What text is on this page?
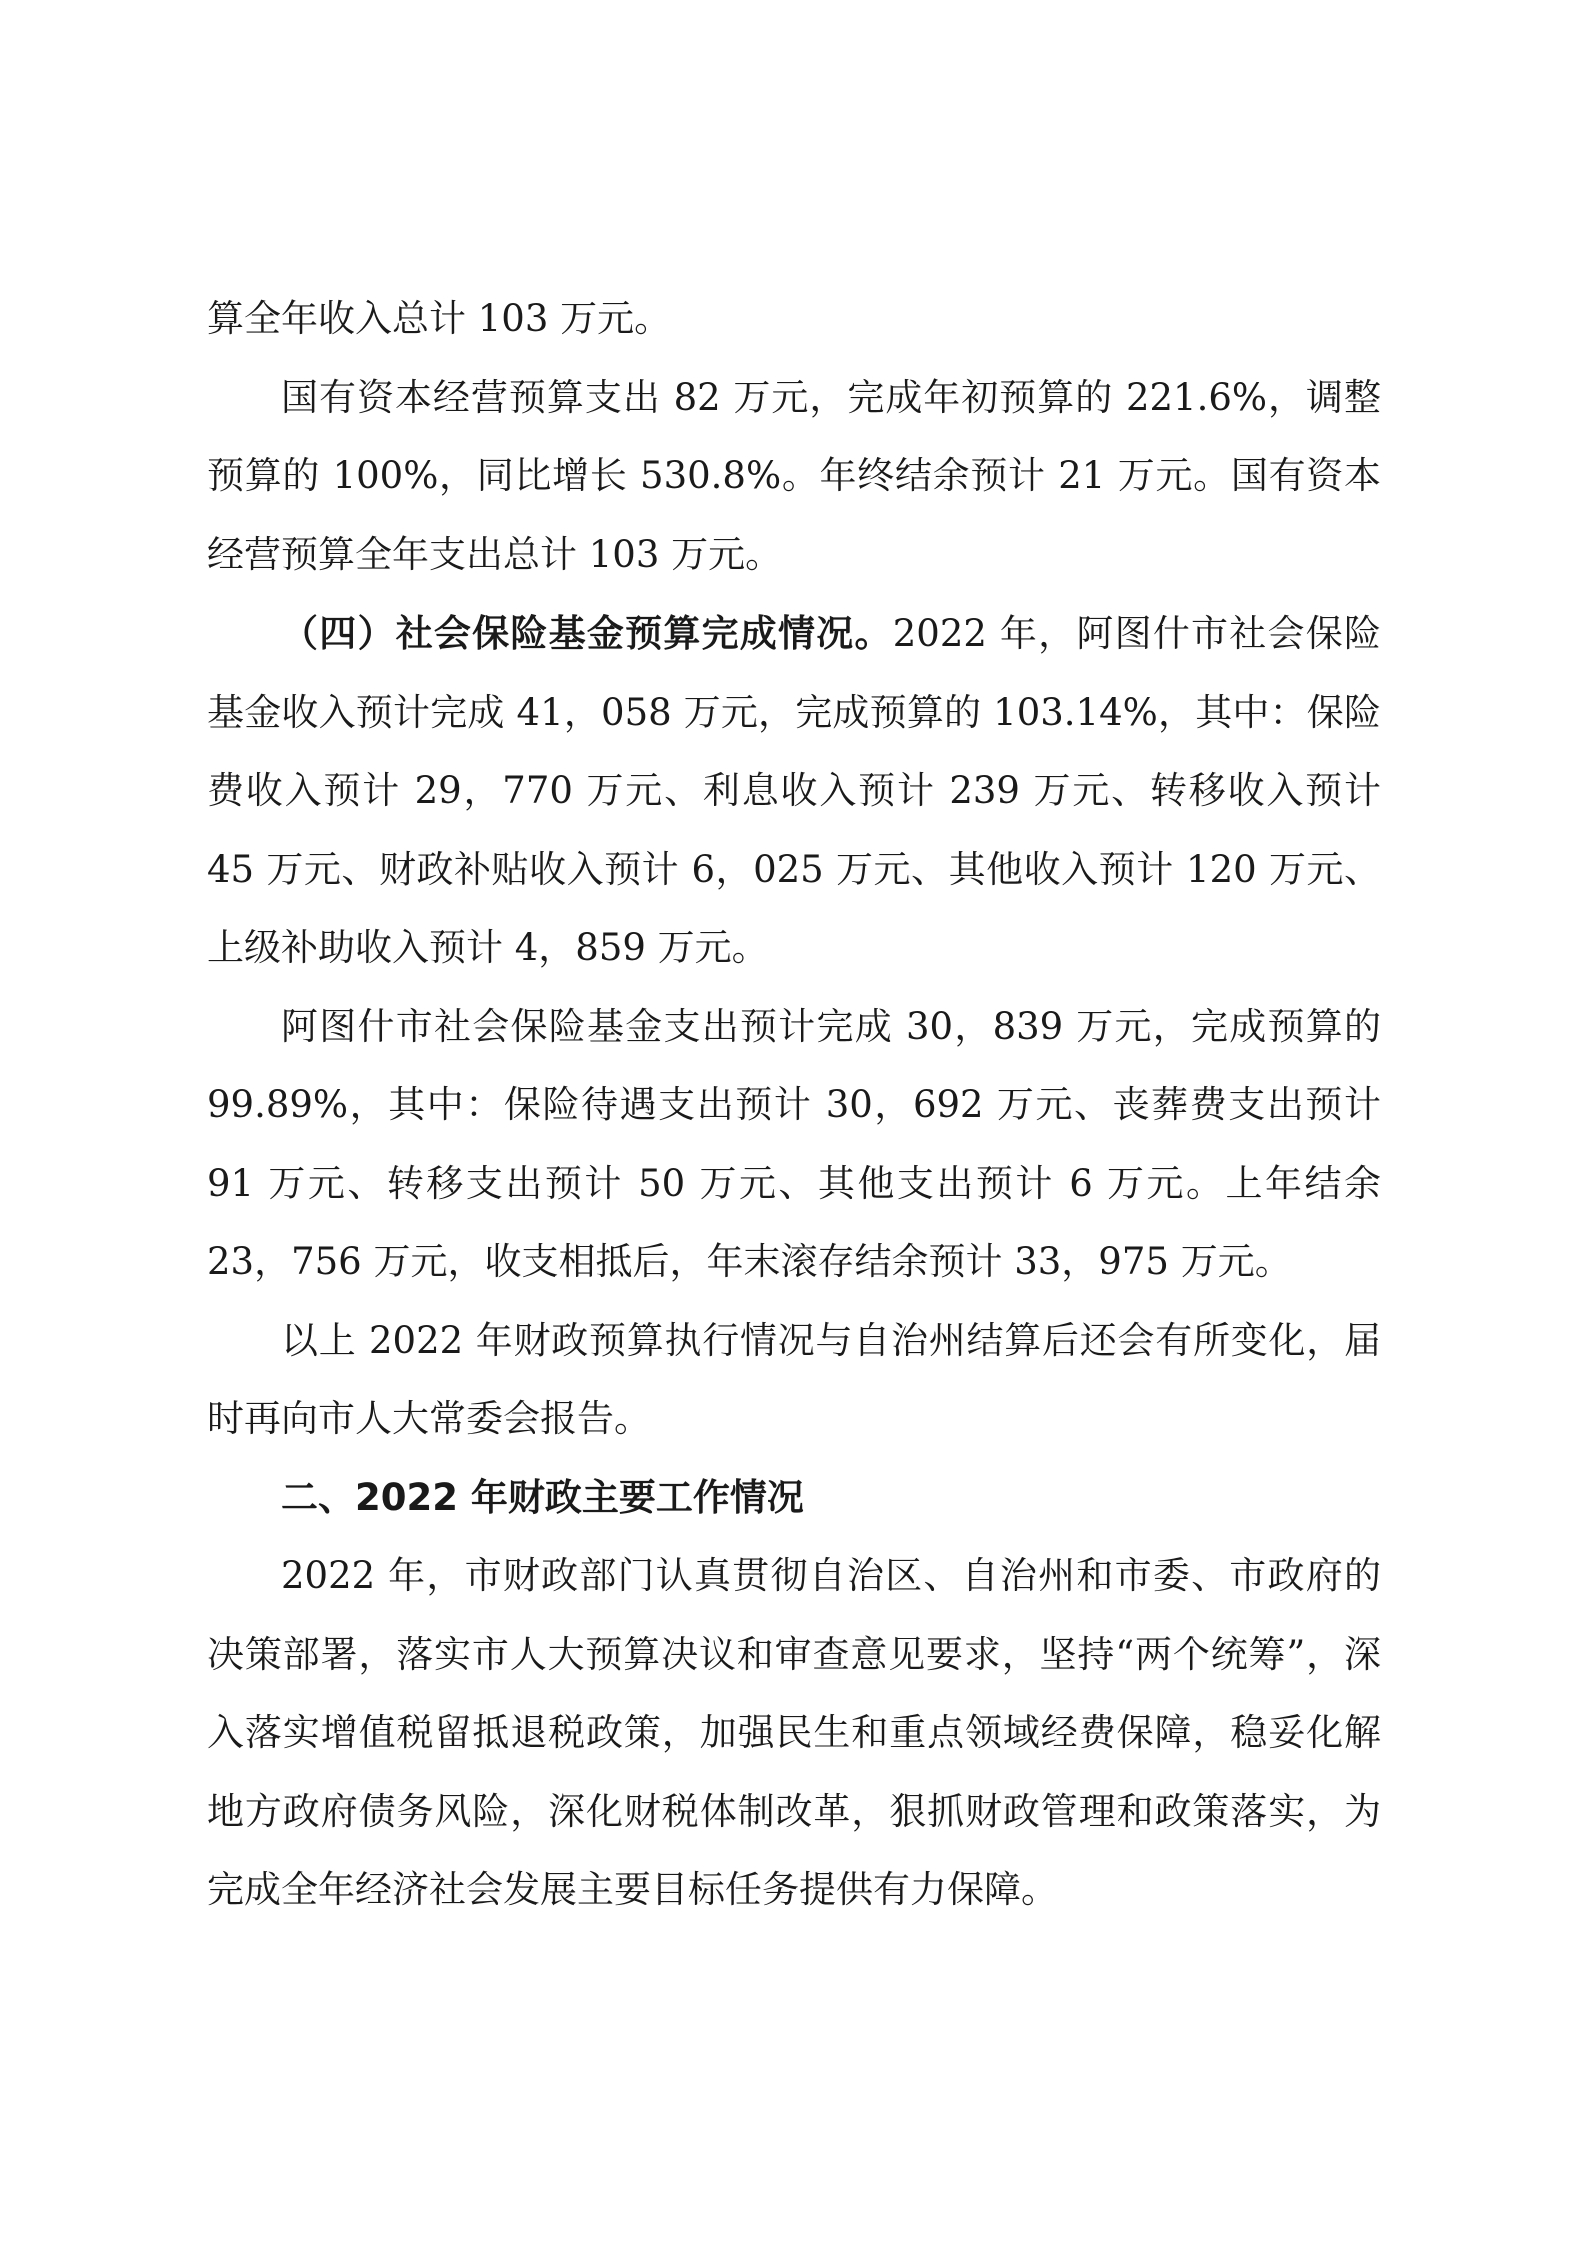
算全年收入总计 103 万元。

国有资本经营预算支出 82 万元，完成年初预算的 221.6%，调整预算的 100%，同比增长 530.8%。年终结余预计 21 万元。国有资本经营预算全年支出总计 103 万元。

（四）社会保险基金预算完成情况。2022 年，阿图什市社会保险基金收入预计完成 41，058 万元，完成预算的 103.14%，其中：保险费收入预计 29，770 万元、利息收入预计 239 万元、转移收入预计 45 万元、财政补贴收入预计 6，025 万元、其他收入预计 120 万元、上级补助收入预计 4，859 万元。

阿图什市社会保险基金支出预计完成 30，839 万元，完成预算的 99.89%，其中：保险待遇支出预计 30，692 万元、丧葬费支出预计 91 万元、转移支出预计 50 万元、其他支出预计 6 万元。上年结余 23，756 万元，收支相抵后，年末滚存结余预计 33，975 万元。

以上 2022 年财政预算执行情况与自治州结算后还会有所变化，届时再向市人大常委会报告。

二、2022 年财政主要工作情况

2022 年，市财政部门认真贯彻自治区、自治州和市委、市政府的决策部署，落实市人大预算决议和审查意见要求，坚持“两个统筹”，深入落实增值税留抵退税政策，加强民生和重点领域经费保障，稳妥化解地方政府债务风险，深化财税体制改革，狠抓财政管理和政策落实，为完成全年经济社会发展主要目标任务提供有力保障。
